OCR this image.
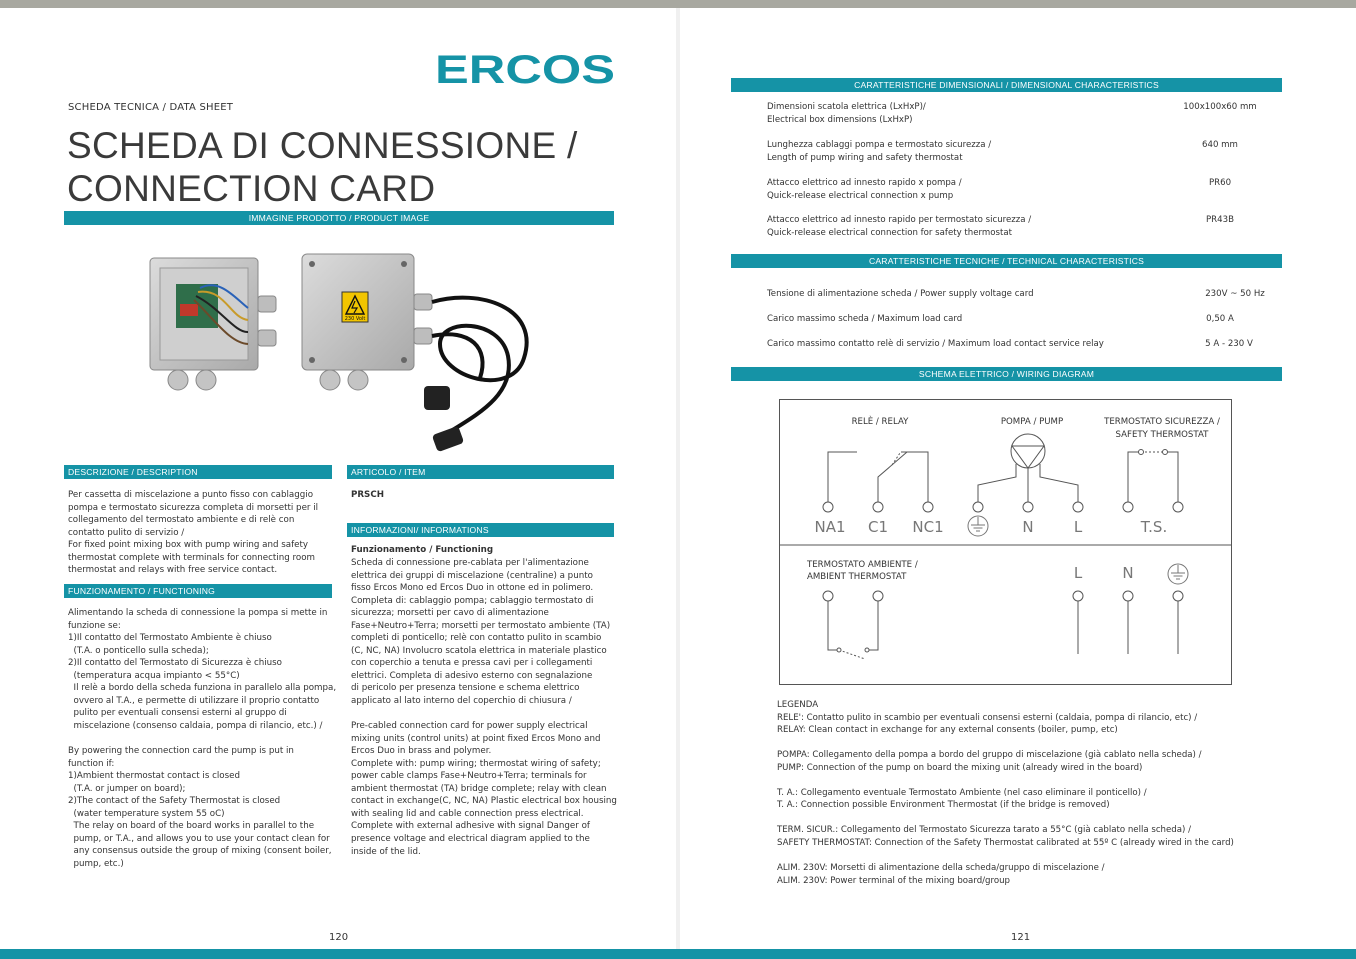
ERCOS
SCHEDA TECNICA / DATA SHEET
SCHEDA DI CONNESSIONE /
CONNECTION CARD
IMMAGINE PRODOTTO / PRODUCT IMAGE
230 Volt
DESCRIZIONE / DESCRIPTION
Per cassetta di miscelazione a punto fisso con cablaggio
pompa e termostato sicurezza completa di morsetti per il
collegamento del termostato ambiente e di relè con
contatto pulito di servizio /
For fixed point mixing box with pump wiring and safety
thermostat complete with terminals for connecting room
thermostat and relays with free service contact.
FUNZIONAMENTO / FUNCTIONING
Alimentando la scheda di connessione la pompa si mette in
funzione se:
1)Il contatto del Termostato Ambiente è chiuso
(T.A. o ponticello sulla scheda);
2)Il contatto del Termostato di Sicurezza è chiuso
(temperatura acqua impianto < 55°C)
Il relè a bordo della scheda funziona in parallelo alla pompa,
ovvero al T.A., e permette di utilizzare il proprio contatto
pulito per eventuali consensi esterni al gruppo di
miscelazione (consenso caldaia, pompa di rilancio, etc.) /

By powering the connection card the pump is put in
function if:
1)Ambient thermostat contact is closed
(T.A. or jumper on board);
2)The contact of the Safety Thermostat is closed
(water temperature system 55 oC)
The relay on board of the board works in parallel to the
pump, or T.A., and allows you to use your contact clean for
any consensus outside the group of mixing (consent boiler,
pump, etc.)
ARTICOLO / ITEM
PRSCH
INFORMAZIONI/ INFORMATIONS
Funzionamento / Functioning
Scheda di connessione pre-cablata per l'alimentazione
elettrica dei gruppi di miscelazione (centraline) a punto
fisso Ercos Mono ed Ercos Duo in ottone ed in polimero.
Completa di: cablaggio pompa; cablaggio termostato di
sicurezza; morsetti per cavo di alimentazione
Fase+Neutro+Terra; morsetti per termostato ambiente (TA)
completi di ponticello; relè con contatto pulito in scambio
(C, NC, NA) Involucro scatola elettrica in materiale plastico
con coperchio a tenuta e pressa cavi per i collegamenti
elettrici. Completa di adesivo esterno con segnalazione
di pericolo per presenza tensione e schema elettrico
applicato al lato interno del coperchio di chiusura /

Pre-cabled connection card for power supply electrical
mixing units (control units) at point fixed Ercos Mono and
Ercos Duo in brass and polymer.
Complete with: pump wiring; thermostat wiring of safety;
power cable clamps Fase+Neutro+Terra; terminals for
ambient thermostat (TA) bridge complete; relay with clean
contact in exchange(C, NC, NA) Plastic electrical box housing
with sealing lid and cable connection press electrical.
Complete with external adhesive with signal Danger of
presence voltage and electrical diagram applied to the
inside of the lid.
120
CARATTERISTICHE DIMENSIONALI / DIMENSIONAL CHARACTERISTICS
Dimensioni scatola elettrica (LxHxP)/
Electrical box dimensions (LxHxP)
100x100x60 mm
Lunghezza cablaggi pompa e termostato sicurezza /
Length of pump wiring and safety thermostat
640 mm
Attacco elettrico ad innesto rapido x pompa /
Quick-release electrical connection x pump
PR60
Attacco elettrico ad innesto rapido per termostato sicurezza /
Quick-release electrical connection for safety thermostat
PR43B
CARATTERISTICHE TECNICHE / TECHNICAL CHARACTERISTICS
Tensione di alimentazione scheda / Power supply voltage card	230V ~ 50 Hz
Carico massimo scheda / Maximum load card	0,50 A
Carico massimo contatto relè di servizio / Maximum load contact service relay	5 A - 230 V
SCHEMA ELETTRICO / WIRING DIAGRAM
RELÈ / RELAY	POMPA / PUMP	TERMOSTATO SICUREZZA /
SAFETY THERMOSTAT
NA1 C1 NC1	N	L	T.S.
TERMOSTATO AMBIENTE /
AMBIENT THERMOSTAT	L	N
LEGENDA
RELE': Contatto pulito in scambio per eventuali consensi esterni (caldaia, pompa di rilancio, etc) /
RELAY: Clean contact in exchange for any external consents (boiler, pump, etc)

POMPA: Collegamento della pompa a bordo del gruppo di miscelazione (già cablato nella scheda) /
PUMP: Connection of the pump on board the mixing unit (already wired in the board)

T. A.: Collegamento eventuale Termostato Ambiente (nel caso eliminare il ponticello) /
T. A.: Connection possible Environment Thermostat (if the bridge is removed)

TERM. SICUR.: Collegamento del Termostato Sicurezza tarato a 55°C (già cablato nella scheda) /
SAFETY THERMOSTAT: Connection of the Safety Thermostat calibrated at 55º C (already wired in the card)

ALIM. 230V: Morsetti di alimentazione della scheda/gruppo di miscelazione /
ALIM. 230V: Power terminal of the mixing board/group
121
